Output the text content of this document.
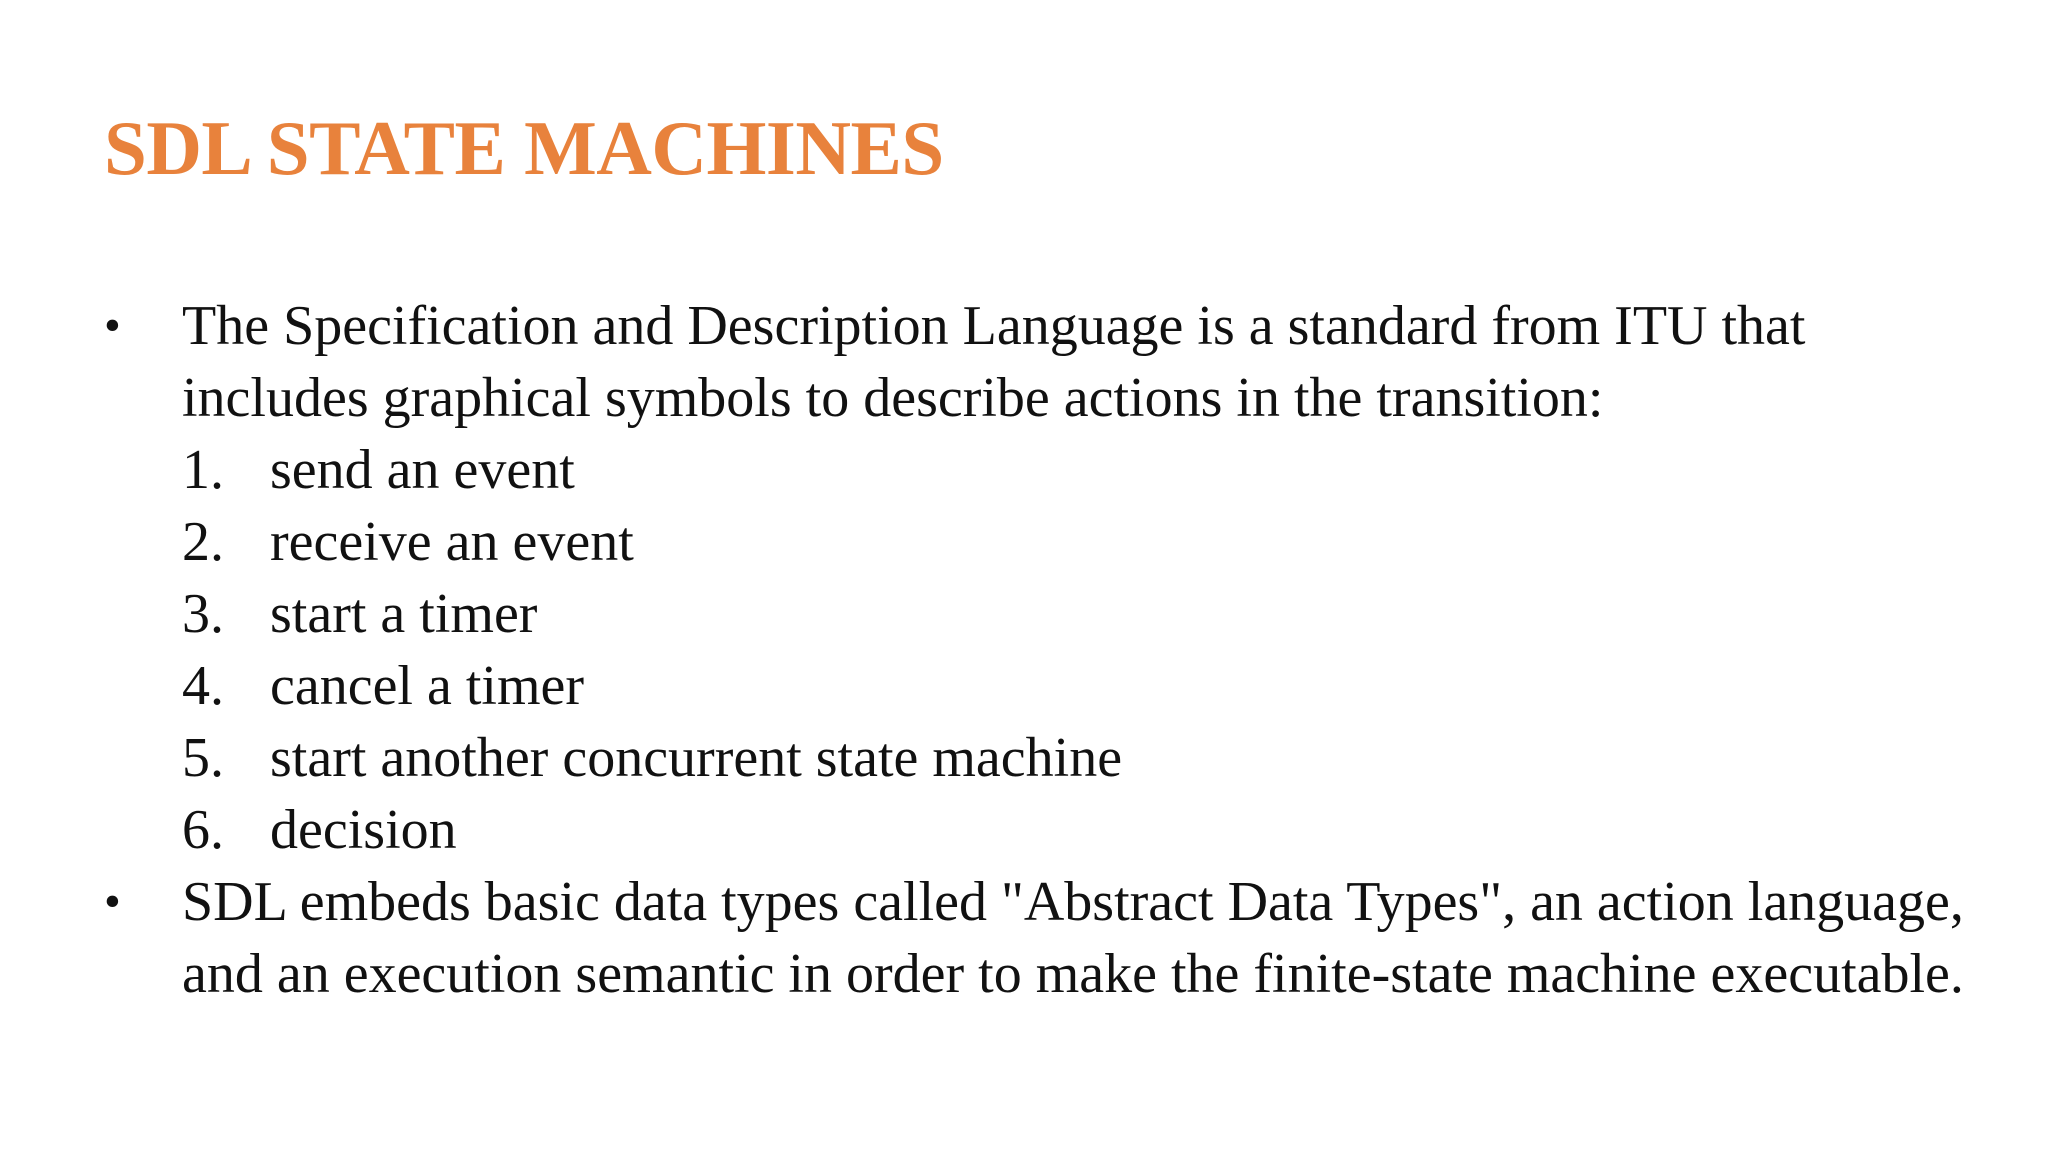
SDL STATE MACHINES
•	The Specification and Description Language is a standard from ITU that includes graphical symbols to describe actions in the transition:
1. send an event
2. receive an event
3. start a timer
4. cancel a timer
5. start another concurrent state machine
6. decision
•	SDL embeds basic data types called "Abstract Data Types", an action language, and an execution semantic in order to make the finite-state machine executable.
